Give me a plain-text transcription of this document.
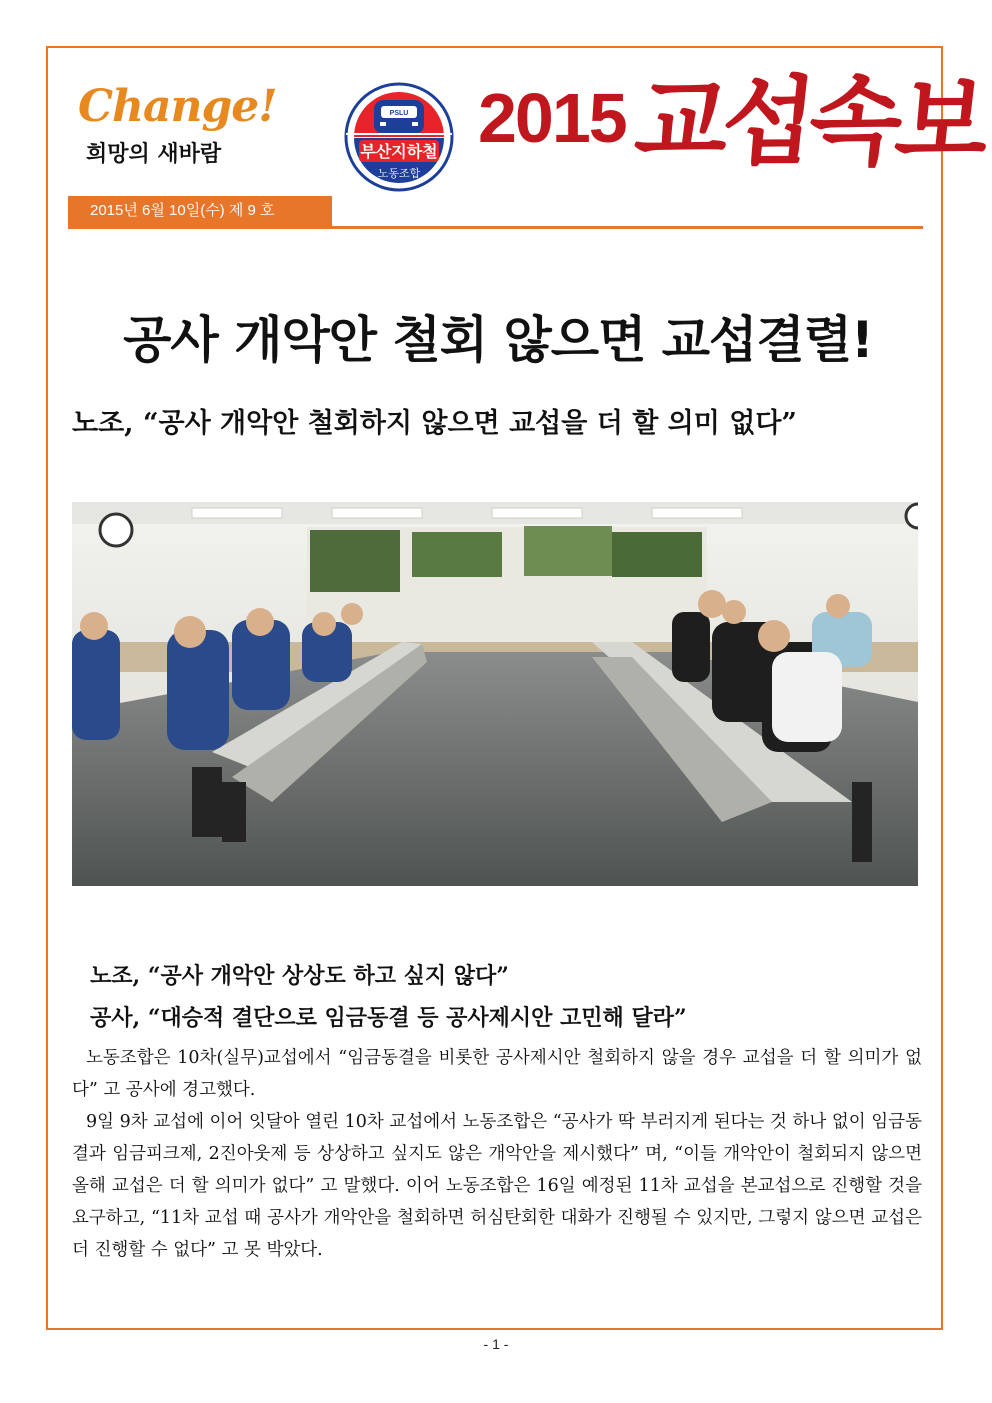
Change!
희망의 새바람
PSLU
부산지하철
노동조합
2015 교섭속보
2015년 6월 10일(수) 제 9 호
공사 개악안 철회 않으면 교섭결렬!
노조, “공사 개악안 철회하지 않으면 교섭을 더 할 의미 없다”
노조, “공사 개악안 상상도 하고 싶지 않다”
공사, “대승적 결단으로 임금동결 등 공사제시안 고민해 달라”

노동조합은 10차(실무)교섭에서 “임금동결을 비롯한 공사제시안 철회하지 않을 경우 교섭을 더 할 의미가 없다” 고 공사에 경고했다.

9일 9차 교섭에 이어 잇달아 열린 10차 교섭에서 노동조합은 “공사가 딱 부러지게 된다는 것 하나 없이 임금동결과 임금피크제, 2진아웃제 등 상상하고 싶지도 않은 개악안을 제시했다” 며, “이들 개악안이 철회되지 않으면 올해 교섭은 더 할 의미가 없다” 고 말했다. 이어 노동조합은 16일 예정된 11차 교섭을 본교섭으로 진행할 것을 요구하고, “11차 교섭 때 공사가 개악안을 철회하면 허심탄회한 대화가 진행될 수 있지만, 그렇지 않으면 교섭은 더 진행할 수 없다” 고 못 박았다.

- 1 -
